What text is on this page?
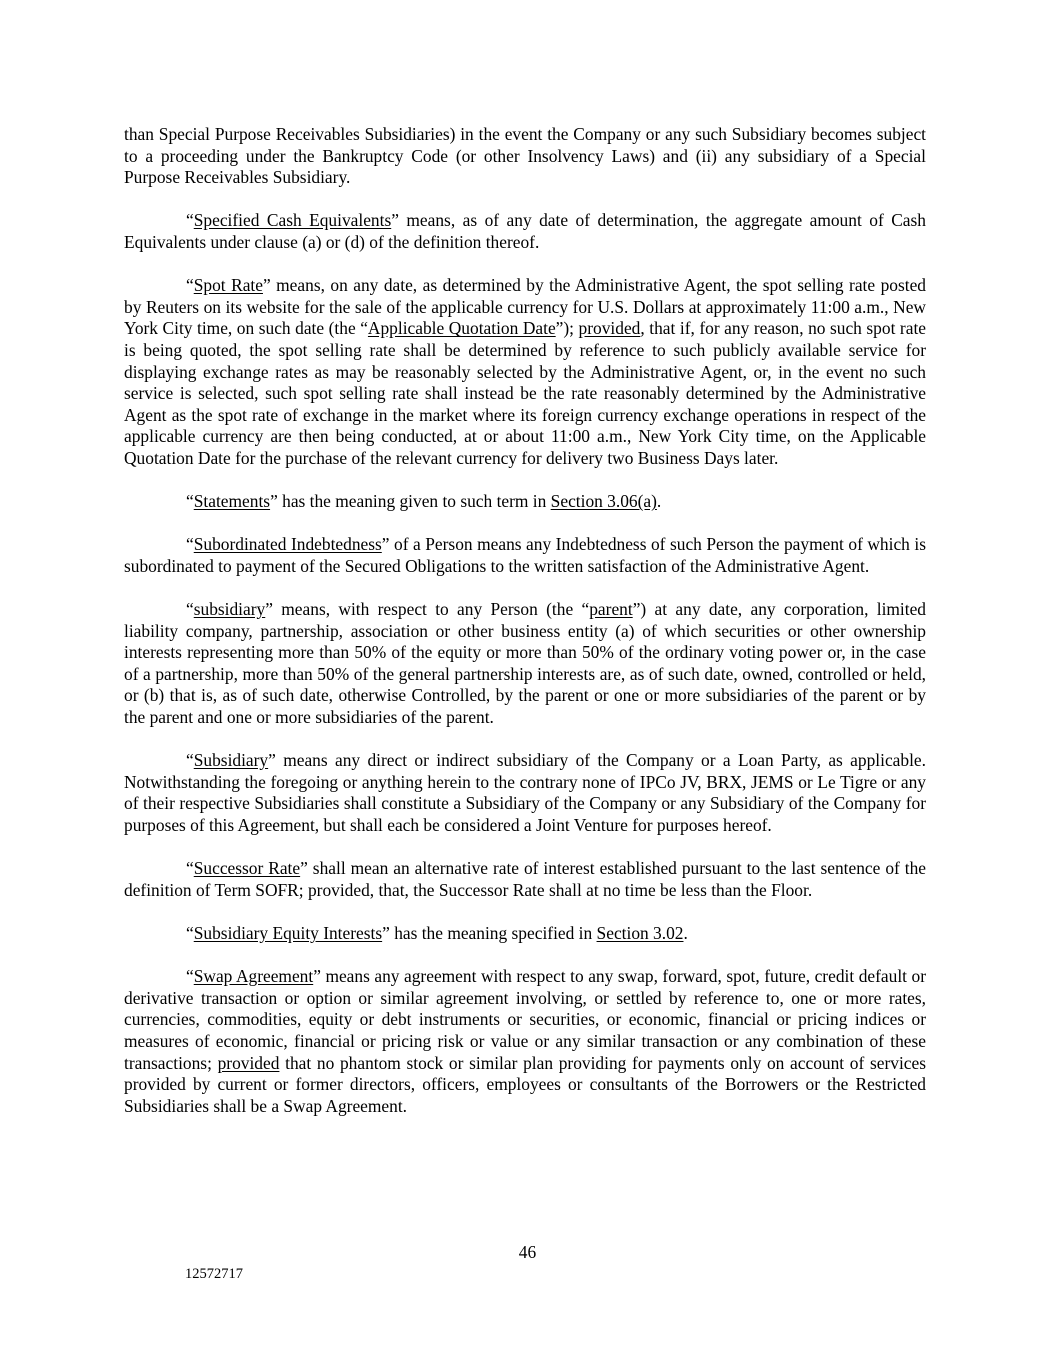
than Special Purpose Receivables Subsidiaries) in the event the Company or any such Subsidiary becomes subject to a proceeding under the Bankruptcy Code (or other Insolvency Laws) and (ii) any subsidiary of a Special Purpose Receivables Subsidiary.

“Specified Cash Equivalents” means, as of any date of determination, the aggregate amount of Cash Equivalents under clause (a) or (d) of the definition thereof.

“Spot Rate” means, on any date, as determined by the Administrative Agent, the spot selling rate posted by Reuters on its website for the sale of the applicable currency for U.S. Dollars at approximately 11:00 a.m., New York City time, on such date (the “Applicable Quotation Date”); provided, that if, for any reason, no such spot rate is being quoted, the spot selling rate shall be determined by reference to such publicly available service for displaying exchange rates as may be reasonably selected by the Administrative Agent, or, in the event no such service is selected, such spot selling rate shall instead be the rate reasonably determined by the Administrative Agent as the spot rate of exchange in the market where its foreign currency exchange operations in respect of the applicable currency are then being conducted, at or about 11:00 a.m., New York City time, on the Applicable Quotation Date for the purchase of the relevant currency for delivery two Business Days later.

“Statements” has the meaning given to such term in Section 3.06(a).

“Subordinated Indebtedness” of a Person means any Indebtedness of such Person the payment of which is subordinated to payment of the Secured Obligations to the written satisfaction of the Administrative Agent.

“subsidiary” means, with respect to any Person (the “parent”) at any date, any corporation, limited liability company, partnership, association or other business entity (a) of which securities or other ownership interests representing more than 50% of the equity or more than 50% of the ordinary voting power or, in the case of a partnership, more than 50% of the general partnership interests are, as of such date, owned, controlled or held, or (b) that is, as of such date, otherwise Controlled, by the parent or one or more subsidiaries of the parent or by the parent and one or more subsidiaries of the parent.

“Subsidiary” means any direct or indirect subsidiary of the Company or a Loan Party, as applicable. Notwithstanding the foregoing or anything herein to the contrary none of IPCo JV, BRX, JEMS or Le Tigre or any of their respective Subsidiaries shall constitute a Subsidiary of the Company or any Subsidiary of the Company for purposes of this Agreement, but shall each be considered a Joint Venture for purposes hereof.

“Successor Rate” shall mean an alternative rate of interest established pursuant to the last sentence of the definition of Term SOFR; provided, that, the Successor Rate shall at no time be less than the Floor.

“Subsidiary Equity Interests” has the meaning specified in Section 3.02.

“Swap Agreement” means any agreement with respect to any swap, forward, spot, future, credit default or derivative transaction or option or similar agreement involving, or settled by reference to, one or more rates, currencies, commodities, equity or debt instruments or securities, or economic, financial or pricing indices or measures of economic, financial or pricing risk or value or any similar transaction or any combination of these transactions; provided that no phantom stock or similar plan providing for payments only on account of services provided by current or former directors, officers, employees or consultants of the Borrowers or the Restricted Subsidiaries shall be a Swap Agreement.

46
12572717
